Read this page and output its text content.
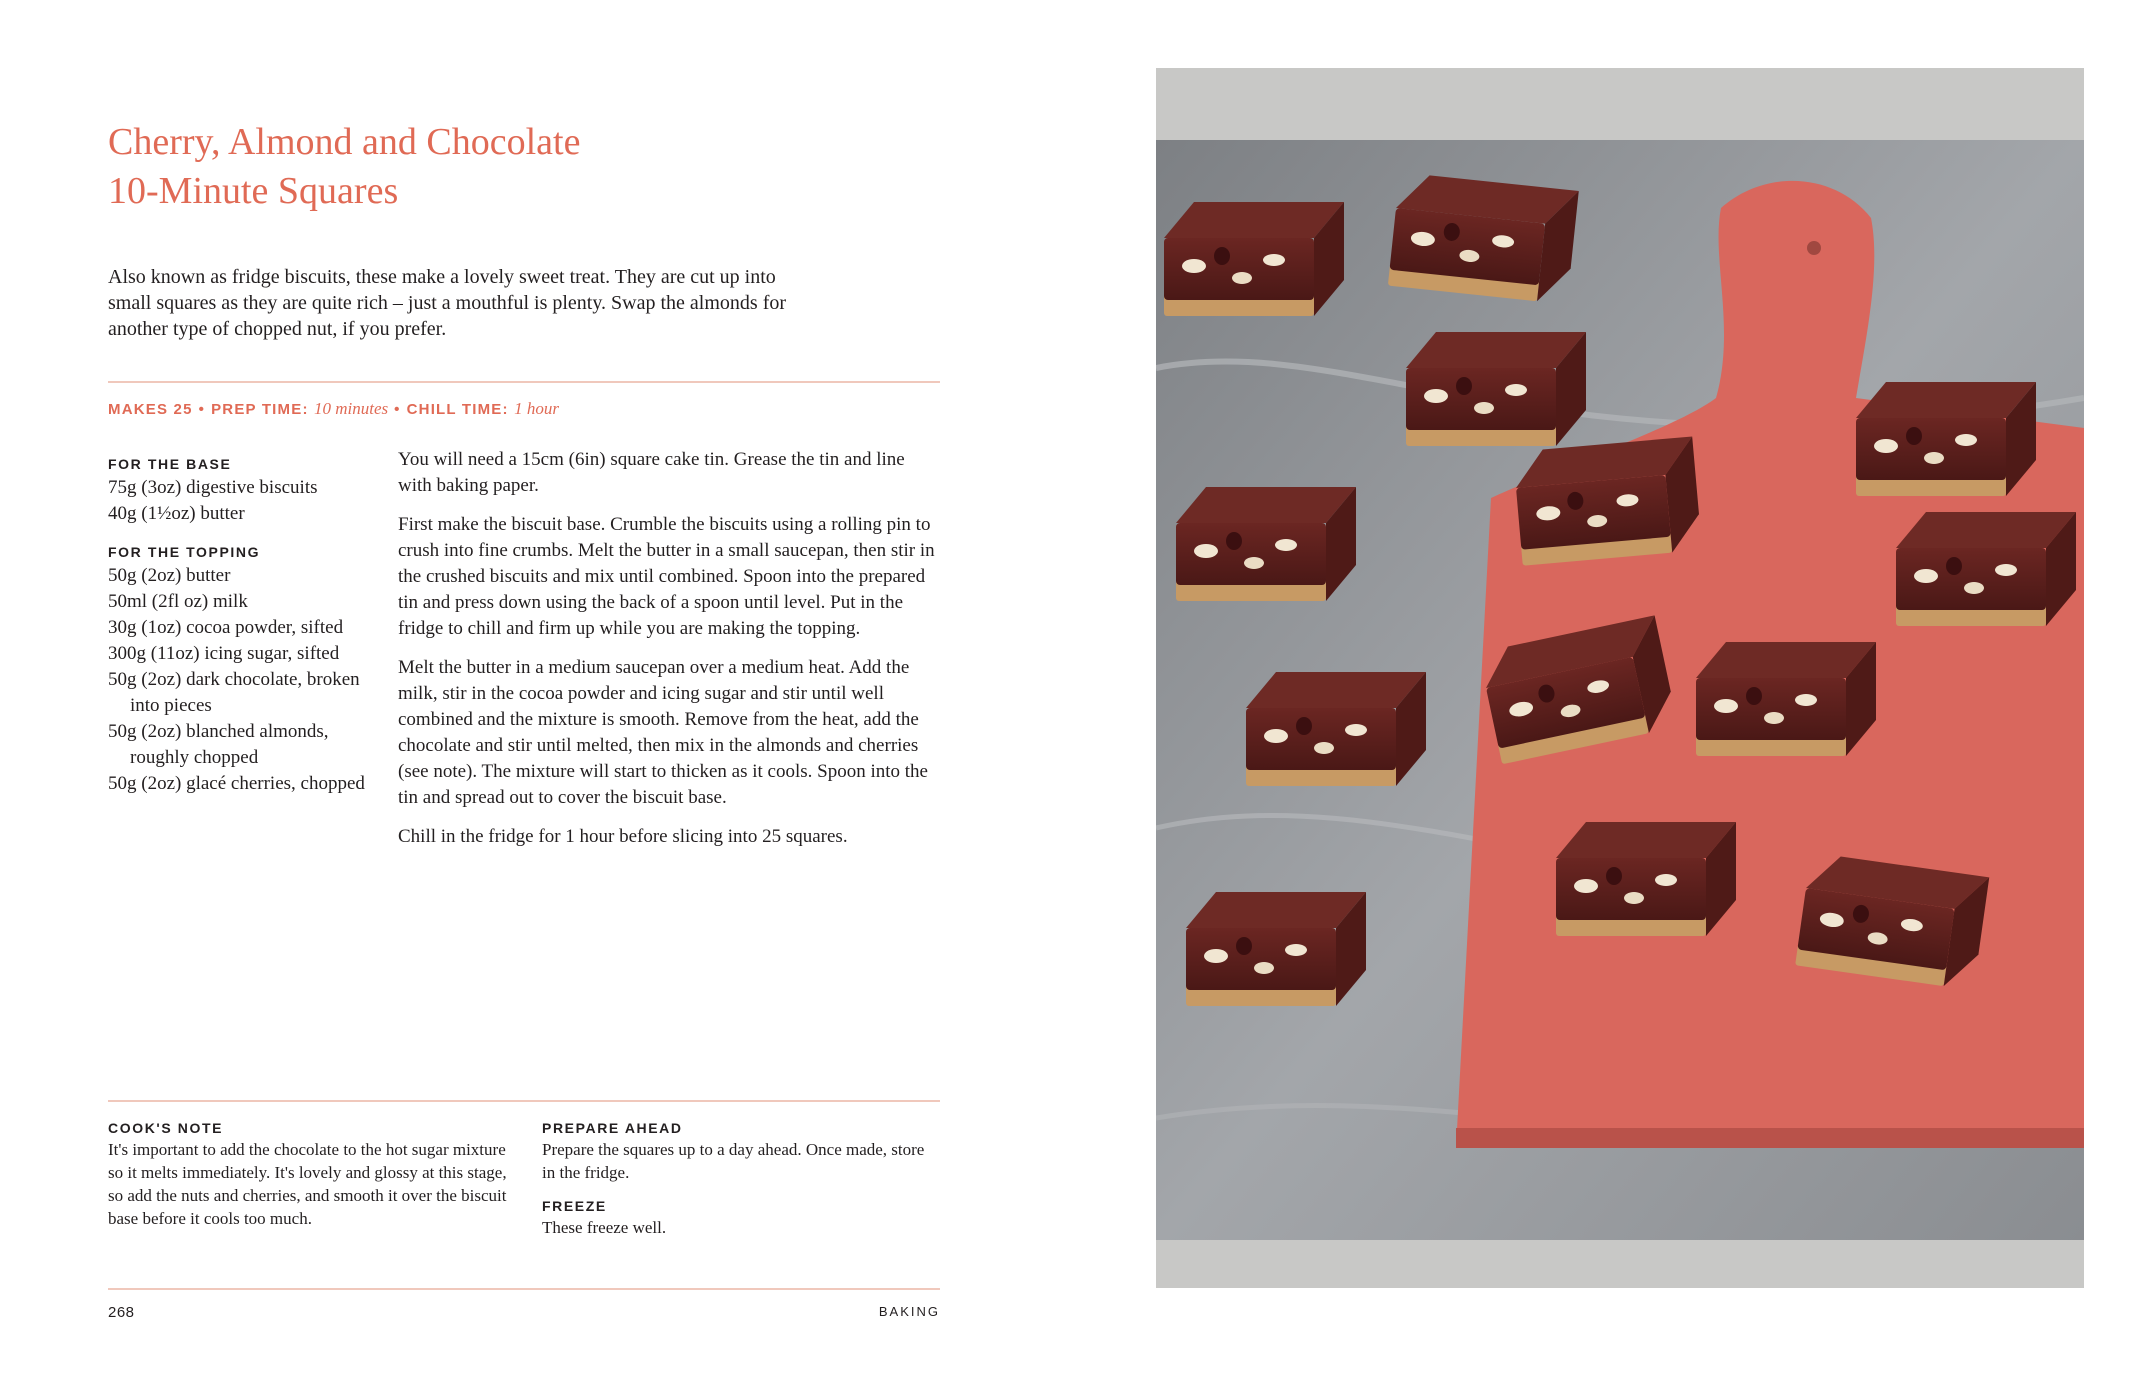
Cherry, Almond and Chocolate
10-Minute Squares

Also known as fridge biscuits, these make a lovely sweet treat. They are cut up into small squares as they are quite rich – just a mouthful is plenty. Swap the almonds for another type of chopped nut, if you prefer.

MAKES 25 • PREP TIME: 10 minutes • CHILL TIME: 1 hour
FOR THE BASE
75g (3oz) digestive biscuits
40g (1½oz) butter
FOR THE TOPPING
50g (2oz) butter
50ml (2fl oz) milk
30g (1oz) cocoa powder, sifted
300g (11oz) icing sugar, sifted
50g (2oz) dark chocolate, broken into pieces
50g (2oz) blanched almonds, roughly chopped
50g (2oz) glacé cherries, chopped

You will need a 15cm (6in) square cake tin. Grease the tin and line with baking paper.

First make the biscuit base. Crumble the biscuits using a rolling pin to crush into fine crumbs. Melt the butter in a small saucepan, then stir in the crushed biscuits and mix until combined. Spoon into the prepared tin and press down using the back of a spoon until level. Put in the fridge to chill and firm up while you are making the topping.

Melt the butter in a medium saucepan over a medium heat. Add the milk, stir in the cocoa powder and icing sugar and stir until well combined and the mixture is smooth. Remove from the heat, add the chocolate and stir until melted, then mix in the almonds and cherries (see note). The mixture will start to thicken as it cools. Spoon into the tin and spread out to cover the biscuit base.

Chill in the fridge for 1 hour before slicing into 25 squares.

COOK'S NOTE

It's important to add the chocolate to the hot sugar mixture so it melts immediately. It's lovely and glossy at this stage, so add the nuts and cherries, and smooth it over the biscuit base before it cools too much.

PREPARE AHEAD

Prepare the squares up to a day ahead. Once made, store in the fridge.

FREEZE

These freeze well.

268	BAKING
